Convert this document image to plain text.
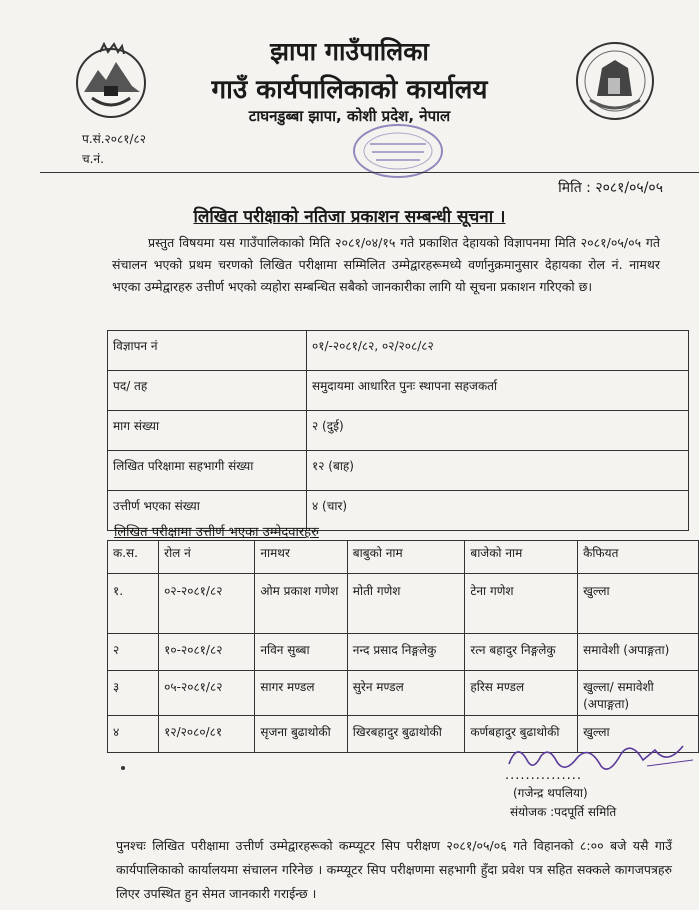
झापा गाउँपालिका
गाउँ कार्यपालिकाको कार्यालय
टाघनडुब्बा झापा, कोशी प्रदेश, नेपाल
प.सं.२०८१/८२
च.नं.
मिति : २०८१/०५/०५
लिखित परीक्षाको नतिजा प्रकाशन सम्बन्धी सूचना ।
प्रस्तुत विषयमा यस गाउँपालिकाको मिति २०८१/०४/१५ गते प्रकाशित देहायको विज्ञापनमा मिति २०८१/०५/०५ गते संचालन भएको प्रथम चरणको लिखित परीक्षामा सम्मिलित उम्मेद्वारहरूमध्ये वर्णानुक्रमानुसार देहायका रोल नं. नामथर भएका उम्मेद्वारहरु उत्तीर्ण भएको व्यहोरा सम्बन्धित सबैको जानकारीका लागि यो सूचना प्रकाशन गरिएको छ।
विज्ञापन नं	०१/-२०८१/८२, ०२/२०८/८२
पद/ तह	समुदायमा आधारित पुनः स्थापना सहजकर्ता
माग संख्या	२ (दुई)
लिखित परिक्षामा सहभागी संख्या	१२ (बाह)
उत्तीर्ण भएका संख्या	४ (चार)
लिखित परीक्षामा उत्तीर्ण भएका उम्मेदवारहरु
क.स.	रोल नं	नामथर	बाबुको नाम	बाजेको नाम	कैफियत
१.	०२-२०८१/८२	ओम प्रकाश गणेश	मोती गणेश	टेना गणेश	खुल्ला
२	१०-२०८१/८२	नविन सुब्बा	नन्द प्रसाद निङ्गलेकु	रत्न बहादुर निङ्गलेकु	समावेशी (अपाङ्गता)
३	०५-२०८१/८२	सागर मण्डल	सुरेन मण्डल	हरिस मण्डल	खुल्ला/ समावेशी (अपाङ्गता)
४	१२/२०८०/८१	सृजना बुढाथोकी	खिरबहादुर बुढाथोकी	कर्णबहादुर बुढाथोकी	खुल्ला
...............
(गजेन्द्र थपलिया)
संयोजक :पदपूर्ति समिति
पुनश्चः लिखित परीक्षामा उत्तीर्ण उम्मेद्वारहरूको कम्प्यूटर सिप परीक्षण २०८१/०५/०६ गते विहानको ८:०० बजे यसै गाउँ कार्यपालिकाको कार्यालयमा संचालन गरिनेछ । कम्प्यूटर सिप परीक्षणमा सहभागी हुँदा प्रवेश पत्र सहित सक्कले कागजपत्रहरु लिएर उपस्थित हुन सेमत जानकारी गराईन्छ ।
